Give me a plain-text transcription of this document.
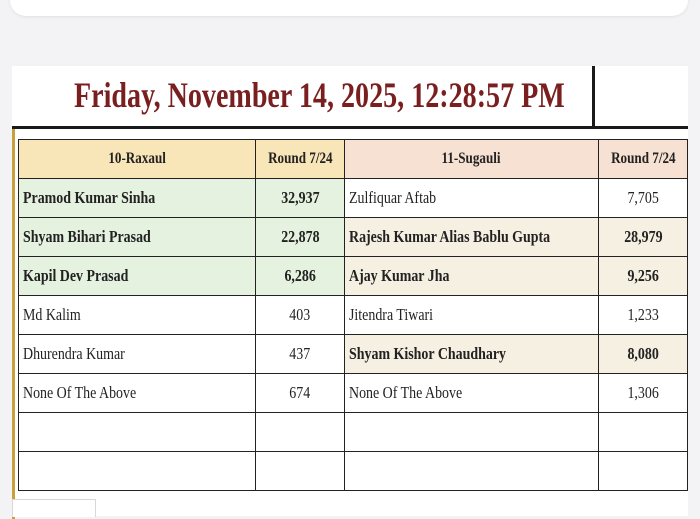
Friday, November 14, 2025, 12:28:57 PM
10-Raxaul	Round 7/24	11-Sugauli	Round 7/24
Pramod Kumar Sinha	32,937	Zulfiquar Aftab	7,705
Shyam Bihari Prasad	22,878	Rajesh Kumar Alias Bablu Gupta	28,979
Kapil Dev Prasad	6,286	Ajay Kumar Jha	9,256
Md Kalim	403	Jitendra Tiwari	1,233
Dhurendra Kumar	437	Shyam Kishor Chaudhary	8,080
None Of The Above	674	None Of The Above	1,306
